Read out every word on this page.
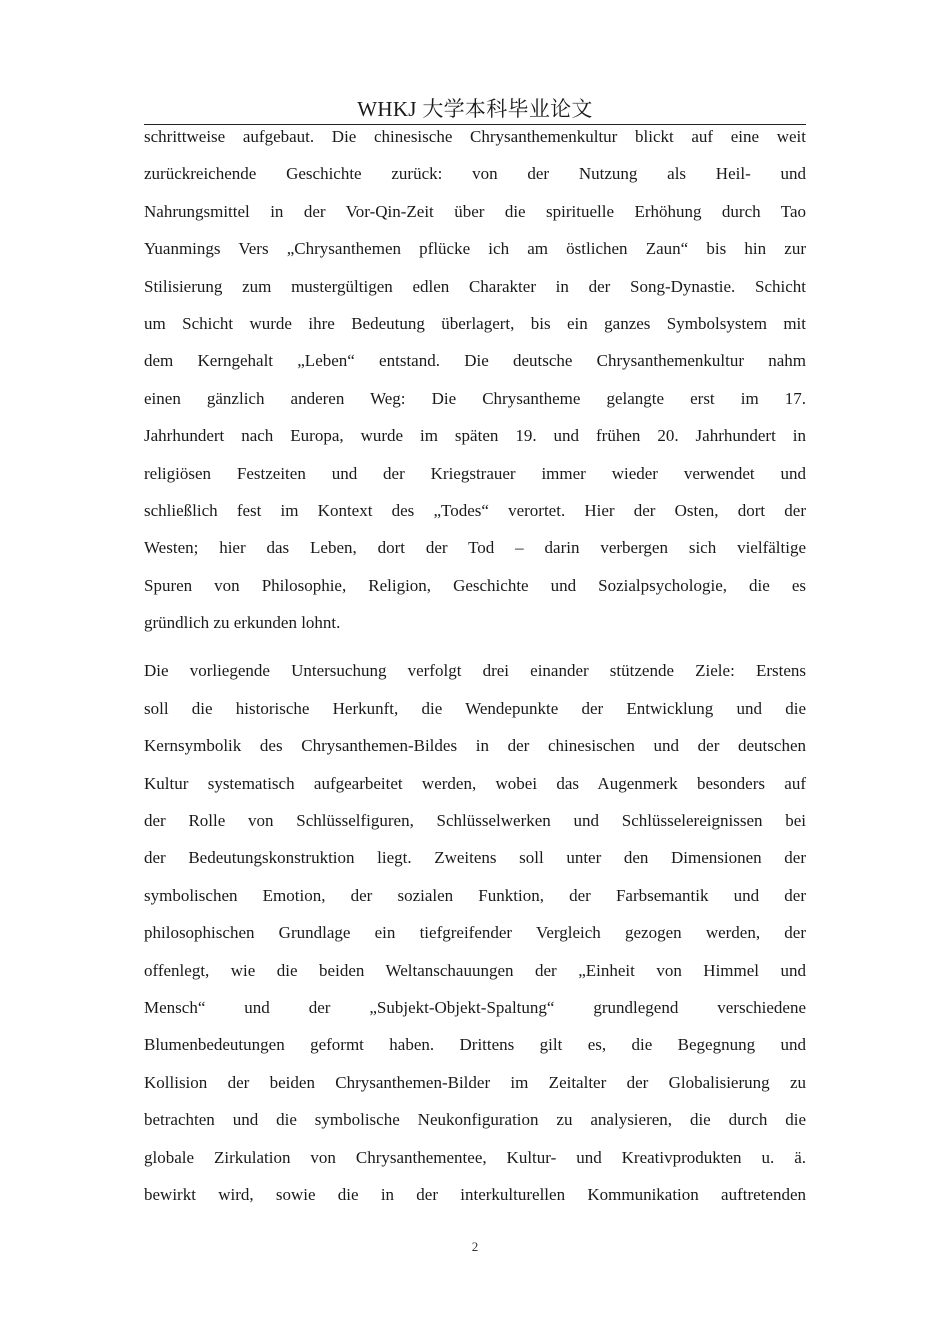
WHKJ 大学本科毕业论文

schrittweise aufgebaut. Die chinesische Chrysanthemenkultur blickt auf eine weit
zurückreichende Geschichte zurück: von der Nutzung als Heil- und
Nahrungsmittel in der Vor-Qin-Zeit über die spirituelle Erhöhung durch Tao
Yuanmings Vers „Chrysanthemen pflücke ich am östlichen Zaun“ bis hin zur
Stilisierung zum mustergültigen edlen Charakter in der Song-Dynastie. Schicht
um Schicht wurde ihre Bedeutung überlagert, bis ein ganzes Symbolsystem mit
dem Kerngehalt „Leben“ entstand. Die deutsche Chrysanthemenkultur nahm
einen gänzlich anderen Weg: Die Chrysantheme gelangte erst im 17.
Jahrhundert nach Europa, wurde im späten 19. und frühen 20. Jahrhundert in
religiösen Festzeiten und der Kriegstrauer immer wieder verwendet und
schließlich fest im Kontext des „Todes“ verortet. Hier der Osten, dort der
Westen; hier das Leben, dort der Tod – darin verbergen sich vielfältige
Spuren von Philosophie, Religion, Geschichte und Sozialpsychologie, die es
gründlich zu erkunden lohnt.

Die vorliegende Untersuchung verfolgt drei einander stützende Ziele: Erstens
soll die historische Herkunft, die Wendepunkte der Entwicklung und die
Kernsymbolik des Chrysanthemen-Bildes in der chinesischen und der deutschen
Kultur systematisch aufgearbeitet werden, wobei das Augenmerk besonders auf
der Rolle von Schlüsselfiguren, Schlüsselwerken und Schlüsselereignissen bei
der Bedeutungskonstruktion liegt. Zweitens soll unter den Dimensionen der
symbolischen Emotion, der sozialen Funktion, der Farbsemantik und der
philosophischen Grundlage ein tiefgreifender Vergleich gezogen werden, der
offenlegt, wie die beiden Weltanschauungen der „Einheit von Himmel und
Mensch“ und der „Subjekt-Objekt-Spaltung“ grundlegend verschiedene
Blumenbedeutungen geformt haben. Drittens gilt es, die Begegnung und
Kollision der beiden Chrysanthemen-Bilder im Zeitalter der Globalisierung zu
betrachten und die symbolische Neukonfiguration zu analysieren, die durch die
globale Zirkulation von Chrysanthementee, Kultur- und Kreativprodukten u. ä.
bewirkt wird, sowie die in der interkulturellen Kommunikation auftretenden

2
